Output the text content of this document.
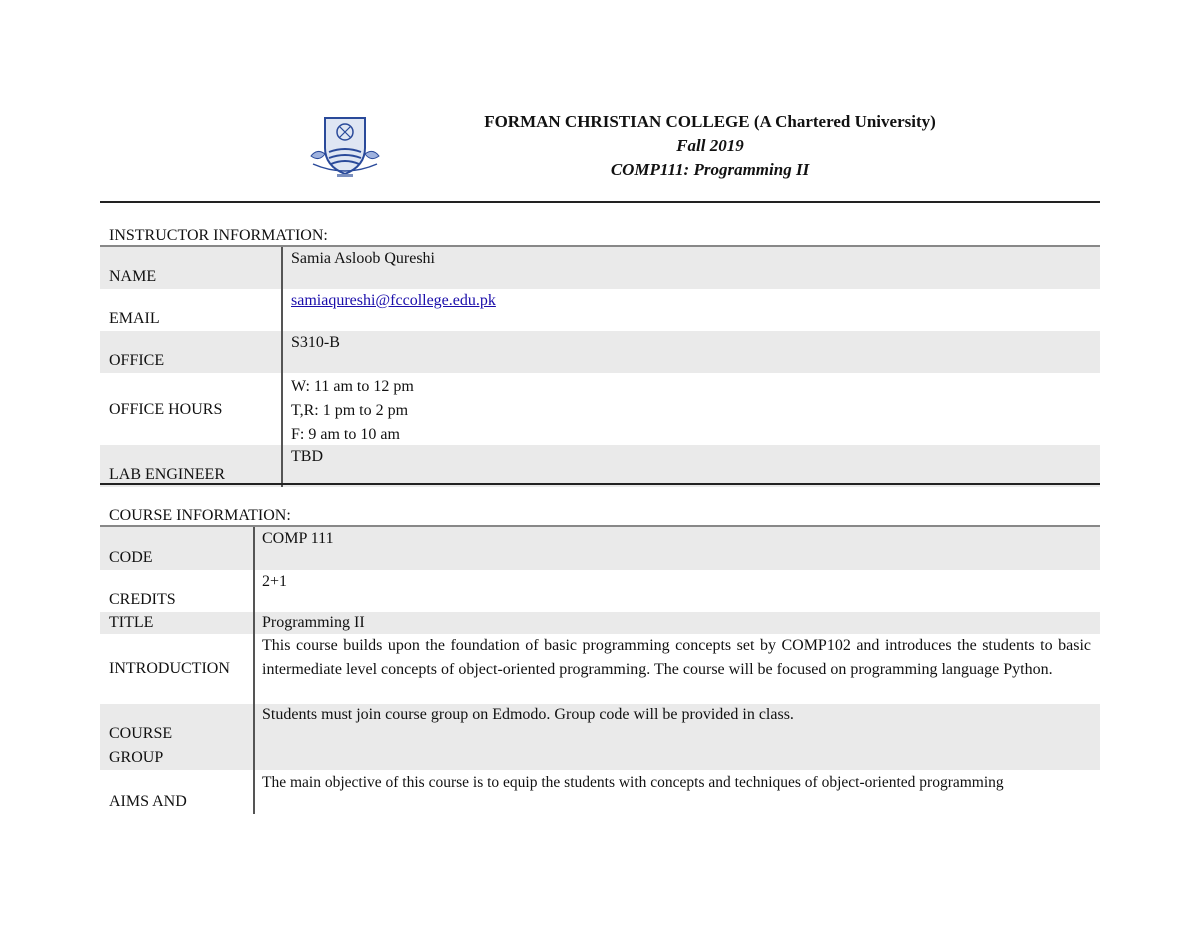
FORMAN CHRISTIAN COLLEGE (A Chartered University)
Fall 2019
COMP111: Programming II
INSTRUCTOR INFORMATION:
NAME
Samia Asloob Qureshi
EMAIL
samiaqureshi@fccollege.edu.pk
OFFICE
S310-B
OFFICE HOURS
W: 11 am to 12 pm
T,R: 1 pm to 2 pm
F: 9 am to 10 am
LAB ENGINEER
TBD
COURSE INFORMATION:
CODE
COMP 111
CREDITS
2+1
TITLE	Programming II
INTRODUCTION
This course builds upon the foundation of basic programming concepts set by COMP102 and introduces the students to basic intermediate level concepts of object-oriented programming. The course will be focused on programming language Python.
COURSE
GROUP
Students must join course group on Edmodo. Group code will be provided in class.
AIMS AND
The main objective of this course is to equip the students with concepts and techniques of object-oriented programming
